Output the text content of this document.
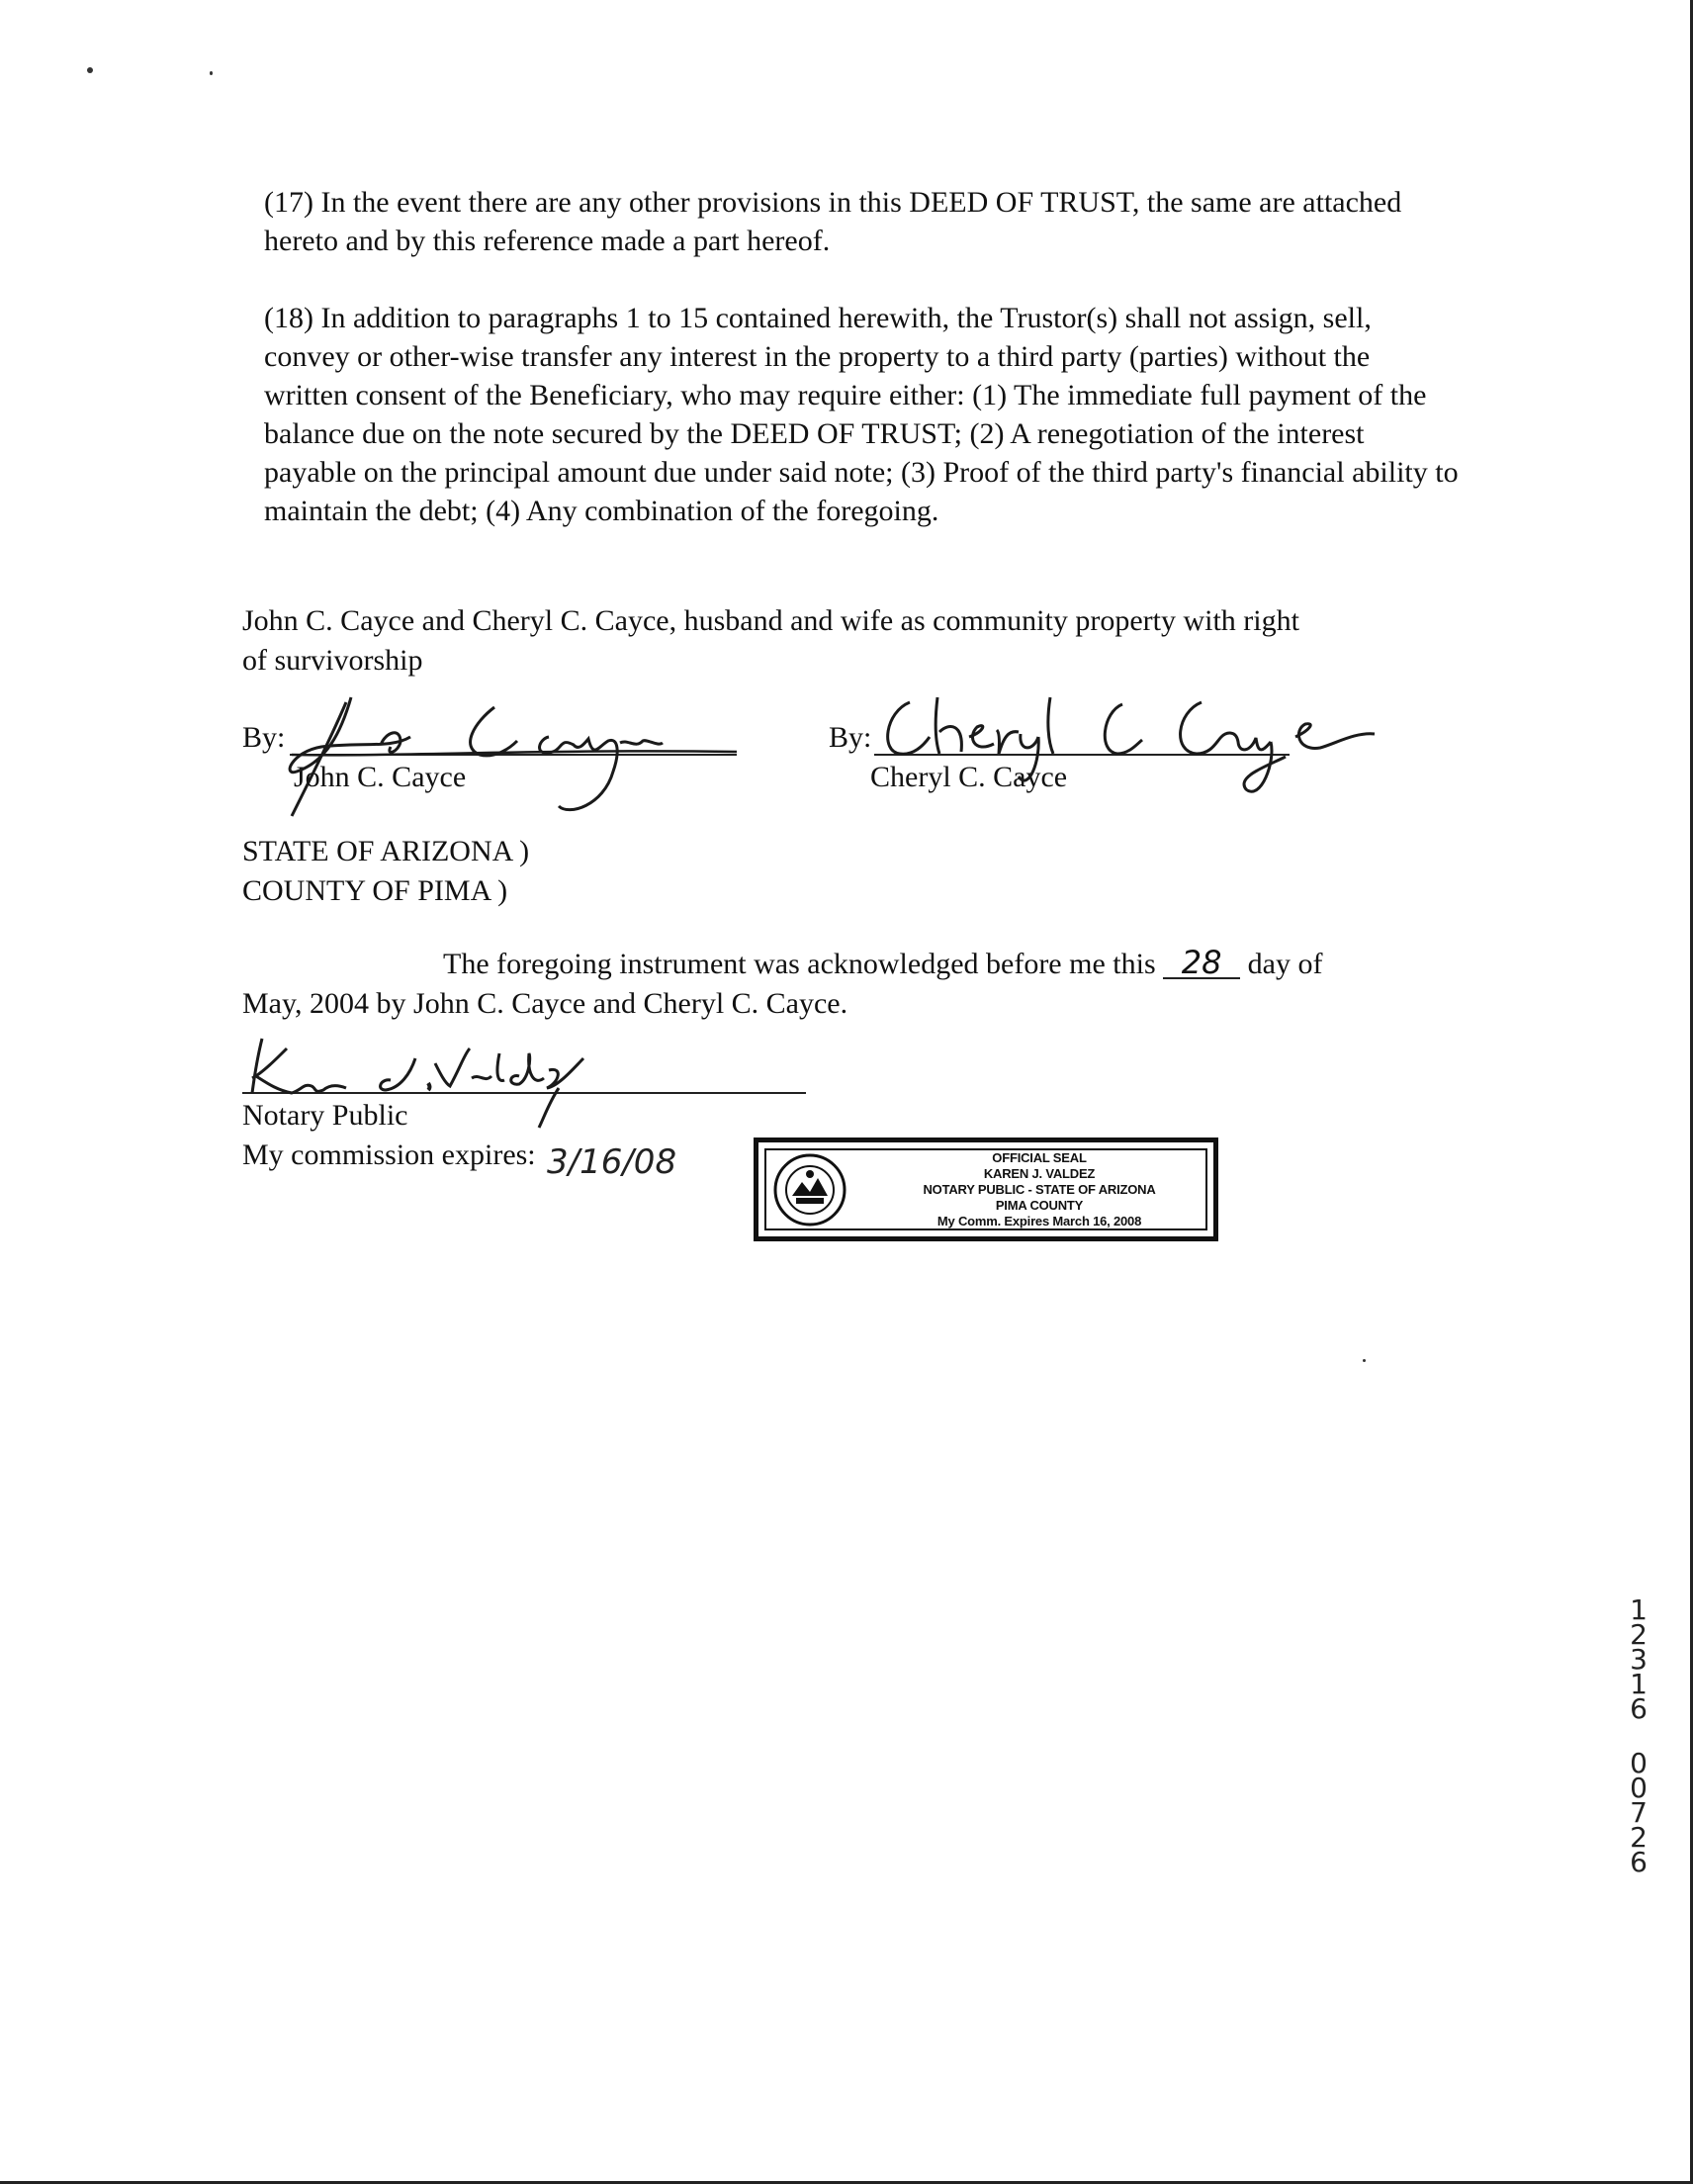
(17) In the event there are any other provisions in this DEED OF TRUST, the same are attached hereto and by this reference made a part hereof.

(18) In addition to paragraphs 1 to 15 contained herewith, the Trustor(s) shall not assign, sell, convey or other-wise transfer any interest in the property to a third party (parties) without the written consent of the Beneficiary, who may require either: (1) The immediate full payment of the balance due on the note secured by the DEED OF TRUST; (2) A renegotiation of the interest payable on the principal amount due under said note; (3) Proof of the third party's financial ability to maintain the debt; (4) Any combination of the foregoing.

John C. Cayce and Cheryl C. Cayce, husband and wife as community property with right
of survivorship
By:
John C. Cayce
By:
Cheryl C. Cayce
STATE OF ARIZONA )
COUNTY OF PIMA )
The foregoing instrument was acknowledged before me this 28 day of
May, 2004 by John C. Cayce and Cheryl C. Cayce.
Notary Public
My commission expires: 3/16/08	OFFICIAL SEAL
KAREN J. VALDEZ
NOTARY PUBLIC - STATE OF ARIZONA
PIMA COUNTY
My Comm. Expires March 16, 2008
1
2
3
1
6
0
0
7
2
6
